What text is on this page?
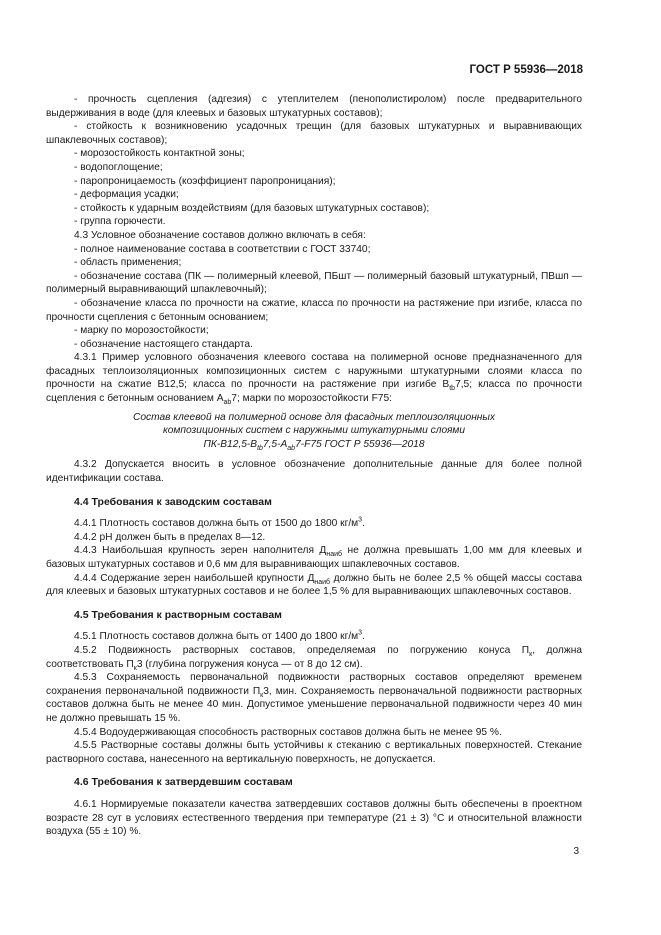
ГОСТ Р 55936—2018

- прочность сцепления (адгезия) с утеплителем (пенополистиролом) после предварительного выдерживания в воде (для клеевых и базовых штукатурных составов);

- стойкость к возникновению усадочных трещин (для базовых штукатурных и выравнивающих шпаклевочных составов);

- морозостойкость контактной зоны;

- водопоглощение;

- паропроницаемость (коэффициент паропроницания);

- деформация усадки;

- стойкость к ударным воздействиям (для базовых штукатурных составов);

- группа горючести.

4.3 Условное обозначение составов должно включать в себя:

- полное наименование состава в соответствии с ГОСТ 33740;

- область применения;

- обозначение состава (ПК — полимерный клеевой, ПБшт — полимерный базовый штукатурный, ПВшп — полимерный выравнивающий шпаклевочный);

- обозначение класса по прочности на сжатие, класса по прочности на растяжение при изгибе, класса по прочности сцепления с бетонным основанием;

- марку по морозостойкости;

- обозначение настоящего стандарта.

4.3.1 Пример условного обозначения клеевого состава на полимерной основе предназначенного для фасадных теплоизоляционных композиционных систем с наружными штукатурными слоями класса по прочности на сжатие B12,5; класса по прочности на растяжение при изгибе $B_{tb}7,5$; класса по прочности сцепления с бетонным основанием $A_{ab}7$; марки по морозостойкости F75:

Состав клеевой на полимерной основе для фасадных теплоизоляционных
композиционных систем с наружными штукатурными слоями
$ПК-B12,5-B_{tb}7,5-A_{ab}7-F75$ ГОСТ Р 55936—2018

4.3.2 Допускается вносить в условное обозначение дополнительные данные для более полной идентификации состава.

4.4 Требования к заводским составам

4.4.1 Плотность составов должна быть от 1500 до 1800 $кг/м^3$.

4.4.2 pH должен быть в пределах 8—12.

4.4.3 Наибольшая крупность зерен наполнителя $Д_{наиб}$ не должна превышать 1,00 мм для клеевых и базовых штукатурных составов и 0,6 мм для выравнивающих шпаклевочных составов.

4.4.4 Содержание зерен наибольшей крупности $Д_{наиб}$ должно быть не более 2,5 % общей массы состава для клеевых и базовых штукатурных составов и не более 1,5 % для выравнивающих шпаклевочных составов.

4.5 Требования к растворным составам

4.5.1 Плотность составов должна быть от 1400 до 1800 $кг/м^3$.

4.5.2 Подвижность растворных составов, определяемая по погружению конуса $П_к$, должна соответствовать $П_к3$ (глубина погружения конуса — от 8 до 12 см).

4.5.3 Сохраняемость первоначальной подвижности растворных составов определяют временем сохранения первоначальной подвижности $П_к3$, мин. Сохраняемость первоначальной подвижности растворных составов должна быть не менее 40 мин. Допустимое уменьшение первоначальной подвижности через 40 мин не должно превышать 15 %.

4.5.4 Водоудерживающая способность растворных составов должна быть не менее 95 %.

4.5.5 Растворные составы должны быть устойчивы к стеканию с вертикальных поверхностей. Стекание растворного состава, нанесенного на вертикальную поверхность, не допускается.

4.6 Требования к затвердевшим составам

4.6.1 Нормируемые показатели качества затвердевших составов должны быть обеспечены в проектном возрасте 28 сут в условиях естественного твердения при температуре (21 ± 3) °С и относительной влажности воздуха (55 ± 10) %.

3
